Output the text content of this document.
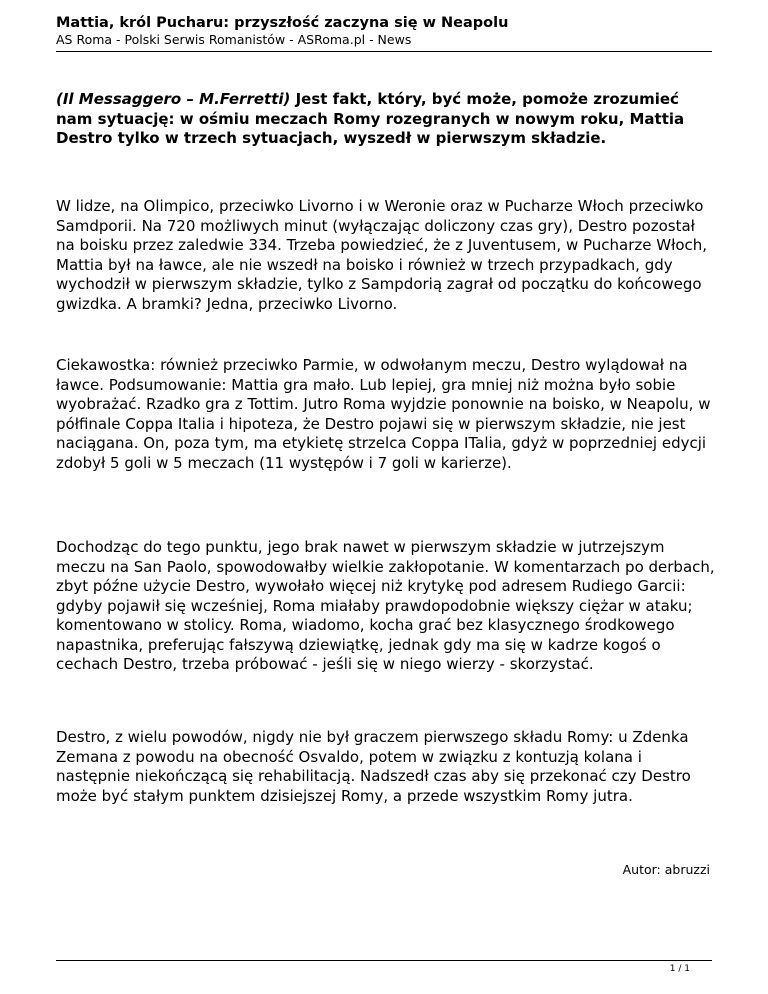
Mattia, król Pucharu: przyszłość zaczyna się w Neapolu
AS Roma - Polski Serwis Romanistów - ASRoma.pl - News

(Il Messaggero – M.Ferretti) Jest fakt, który, być może, pomoże zrozumieć nam sytuację: w ośmiu meczach Romy rozegranych w nowym roku, Mattia Destro tylko w trzech sytuacjach, wyszedł w pierwszym składzie.

W lidze, na Olimpico, przeciwko Livorno i w Weronie oraz w Pucharze Włoch przeciwko Samdporii. Na 720 możliwych minut (wyłączając doliczony czas gry), Destro pozostał na boisku przez zaledwie 334. Trzeba powiedzieć, że z Juventusem, w Pucharze Włoch, Mattia był na ławce, ale nie wszedł na boisko i również w trzech przypadkach, gdy wychodził w pierwszym składzie, tylko z Sampdorią zagrał od początku do końcowego gwizdka. A bramki? Jedna, przeciwko Livorno.

Ciekawostka: również przeciwko Parmie, w odwołanym meczu, Destro wylądował na ławce. Podsumowanie: Mattia gra mało. Lub lepiej, gra mniej niż można było sobie wyobrażać. Rzadko gra z Tottim. Jutro Roma wyjdzie ponownie na boisko, w Neapolu, w półfinale Coppa Italia i hipoteza, że Destro pojawi się w pierwszym składzie, nie jest naciągana. On, poza tym, ma etykietę strzelca Coppa ITalia, gdyż w poprzedniej edycji zdobył 5 goli w 5 meczach (11 występów i 7 goli w karierze).

Dochodząc do tego punktu, jego brak nawet w pierwszym składzie w jutrzejszym meczu na San Paolo, spowodowałby wielkie zakłopotanie. W komentarzach po derbach, zbyt późne użycie Destro, wywołało więcej niż krytykę pod adresem Rudiego Garcii: gdyby pojawił się wcześniej, Roma miałaby prawdopodobnie większy ciężar w ataku; komentowano w stolicy. Roma, wiadomo, kocha grać bez klasycznego środkowego napastnika, preferując fałszywą dziewiątkę, jednak gdy ma się w kadrze kogoś o cechach Destro, trzeba próbować - jeśli się w niego wierzy - skorzystać.

Destro, z wielu powodów, nigdy nie był graczem pierwszego składu Romy: u Zdenka Zemana z powodu na obecność Osvaldo, potem w związku z kontuzją kolana i następnie niekończącą się rehabilitacją. Nadszedł czas aby się przekonać czy Destro może być stałym punktem dzisiejszej Romy, a przede wszystkim Romy jutra.

Autor: abruzzi
1 / 1
